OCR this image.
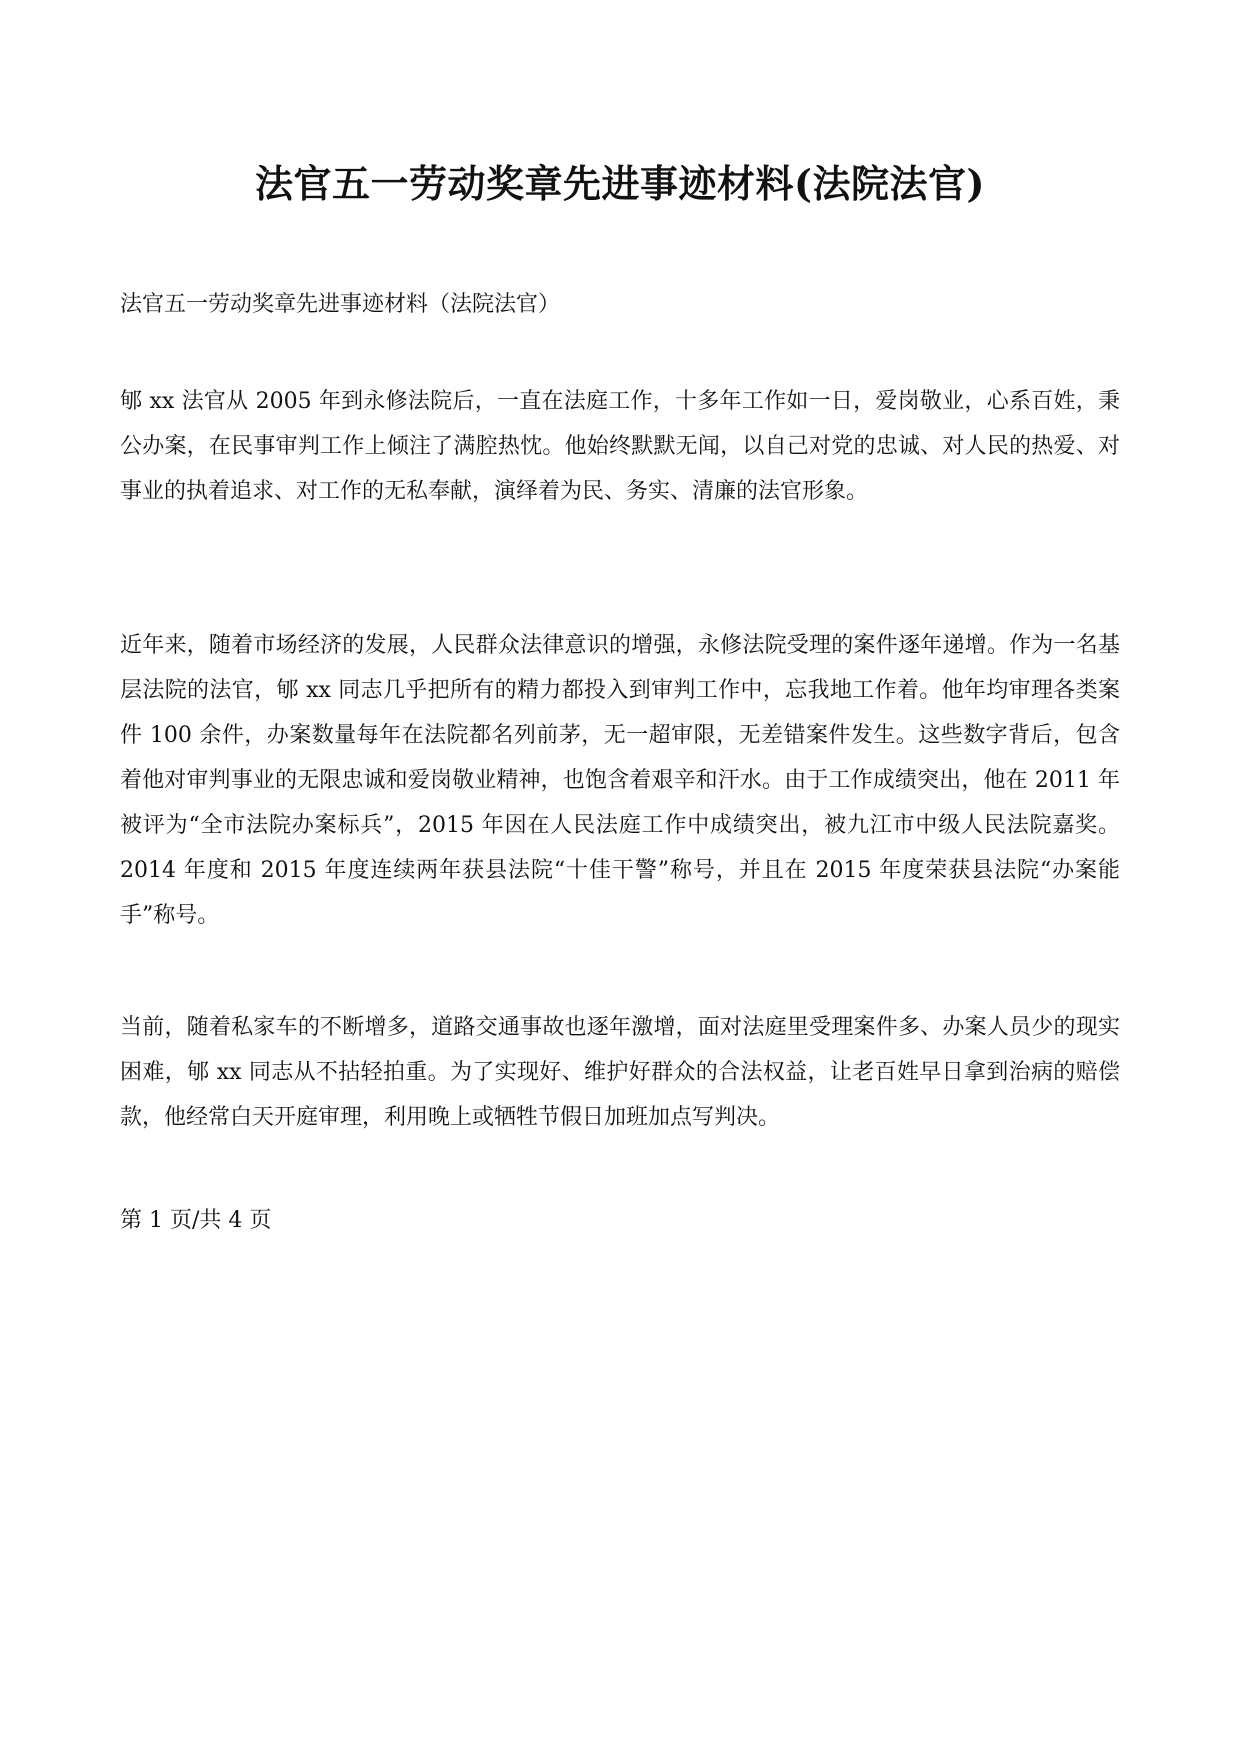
法官五一劳动奖章先进事迹材料(法院法官)

法官五一劳动奖章先进事迹材料（法院法官）

郇 xx 法官从 2005 年到永修法院后，一直在法庭工作，十多年工作如一日，爱岗敬业，心系百姓，秉公办案，在民事审判工作上倾注了满腔热忱。他始终默默无闻，以自己对党的忠诚、对人民的热爱、对事业的执着追求、对工作的无私奉献，演绎着为民、务实、清廉的法官形象。

近年来，随着市场经济的发展，人民群众法律意识的增强，永修法院受理的案件逐年递增。作为一名基层法院的法官，郇 xx 同志几乎把所有的精力都投入到审判工作中，忘我地工作着。他年均审理各类案件 100 余件，办案数量每年在法院都名列前茅，无一超审限，无差错案件发生。这些数字背后，包含着他对审判事业的无限忠诚和爱岗敬业精神，也饱含着艰辛和汗水。由于工作成绩突出，他在 2011 年被评为“全市法院办案标兵”，2015 年因在人民法庭工作中成绩突出，被九江市中级人民法院嘉奖。2014 年度和 2015 年度连续两年获县法院“十佳干警”称号，并且在 2015 年度荣获县法院“办案能手”称号。

当前，随着私家车的不断增多，道路交通事故也逐年激增，面对法庭里受理案件多、办案人员少的现实困难，郇 xx 同志从不拈轻拍重。为了实现好、维护好群众的合法权益，让老百姓早日拿到治病的赔偿款，他经常白天开庭审理，利用晚上或牺牲节假日加班加点写判决。

第 1 页/共 4 页
